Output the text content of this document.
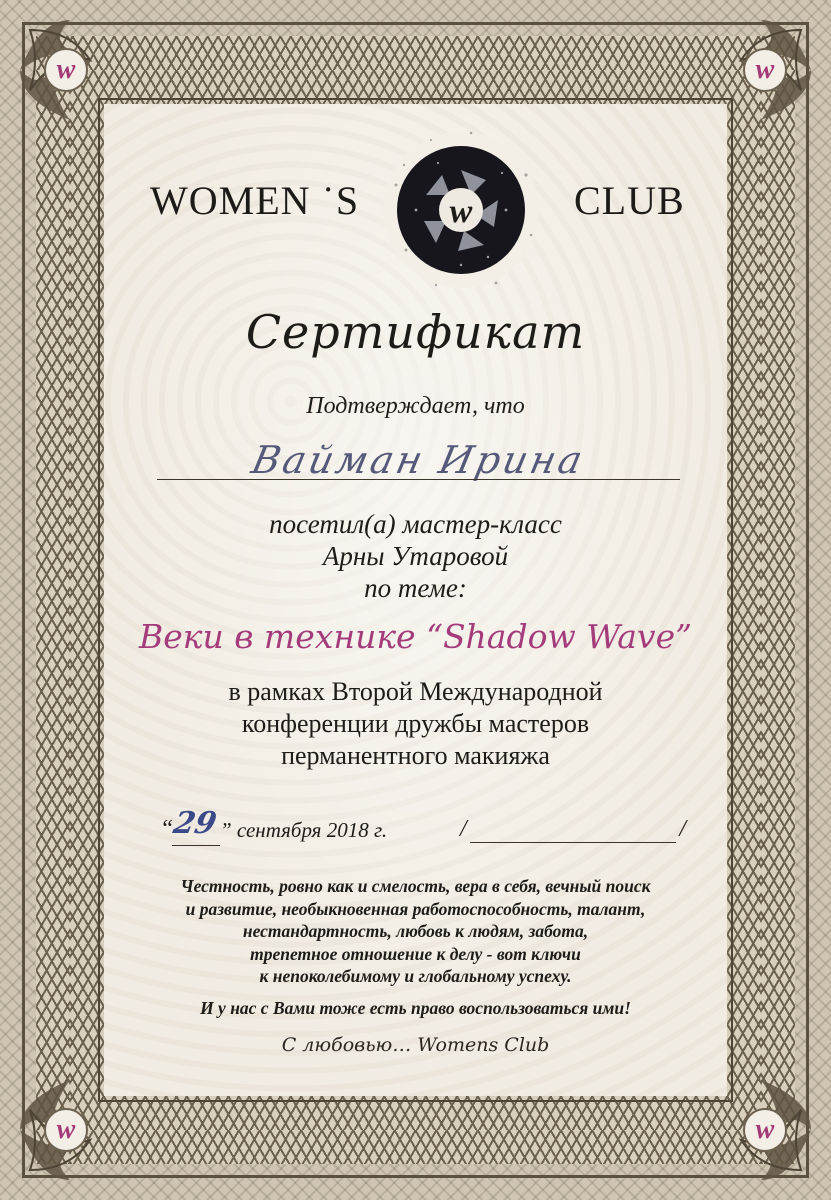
w	w
w	w
WOMEN ˙S	w	CLUB
Сертификат
Подтверждает, что
Вайман Ирина
посетил(а) мастер-класс
Арны Утаровой
по теме:
Веки в технике “Shadow Wave”
в рамках Второй Международной
конференции дружбы мастеров
перманентного макияжа
“
29 ” сентября 2018 г.	/	/
Честность, ровно как и смелость, вера в себя, вечный поиск
и развитие, необыкновенная работоспособность, талант,
нестандартность, любовь к людям, забота,
трепетное отношение к делу - вот ключи
к непоколебимому и глобальному успеху.
И у нас с Вами тоже есть право воспользоваться ими!
С любовью… Womens Club
